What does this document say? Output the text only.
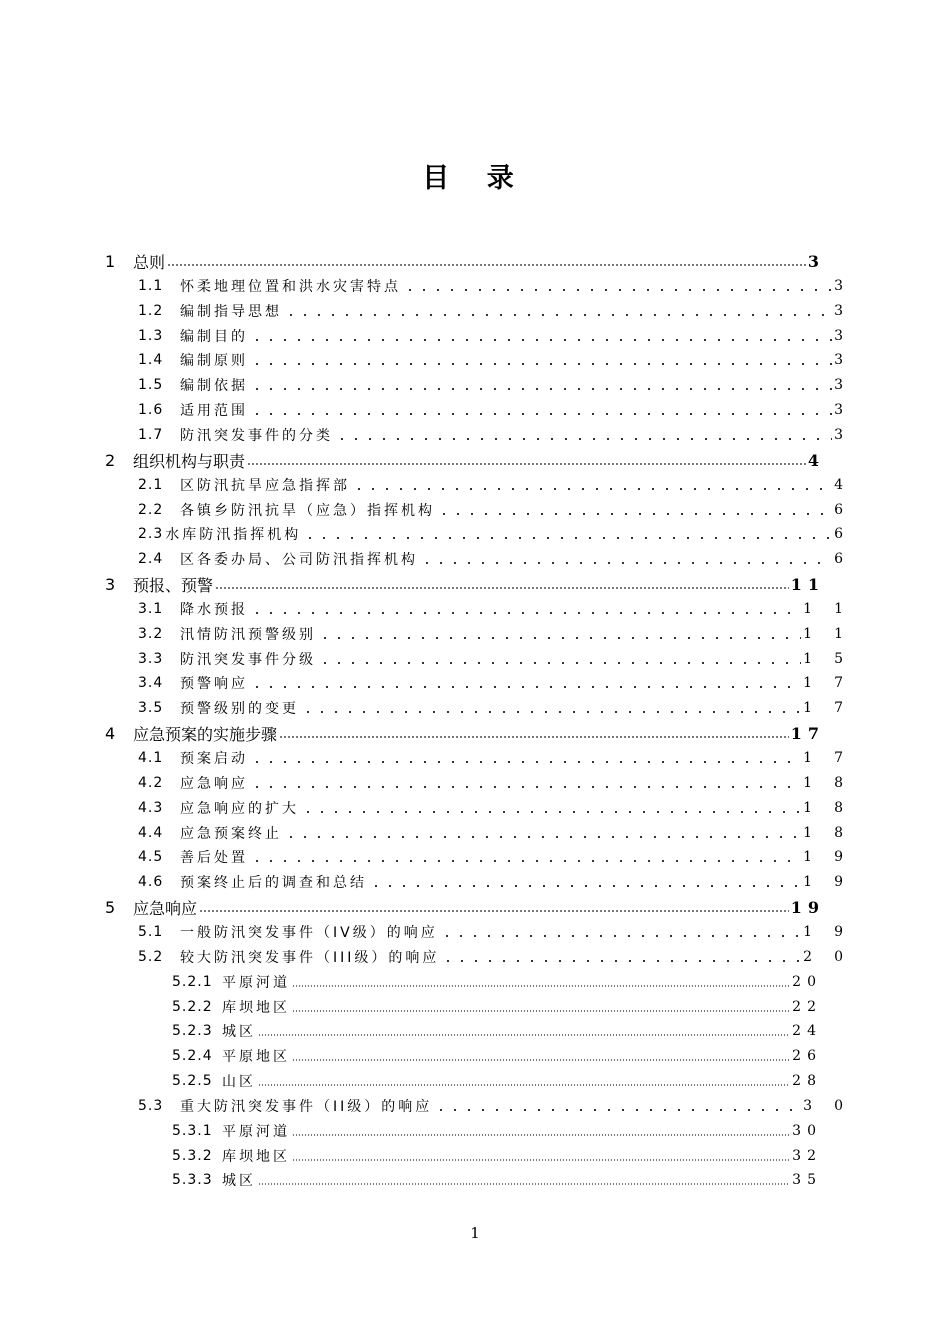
目 录
1	总则	3
1.1	怀柔地理位置和洪水灾害特点	3
1.2	编制指导思想	3
1.3	编制目的	3
1.4	编制原则	3
1.5	编制依据	3
1.6	适用范围	3
1.7	防汛突发事件的分类	3
2	组织机构与职责	4
2.1	区防汛抗旱应急指挥部	4
2.2	各镇乡防汛抗旱（应急）指挥机构	6
2.3 水库防汛指挥机构	6
2.4	区各委办局、公司防汛指挥机构	6
3	预报、预警	11
3.1	降水预报	11
3.2	汛情防汛预警级别	11
3.3	防汛突发事件分级	15
3.4	预警响应	17
3.5	预警级别的变更	17
4	应急预案的实施步骤	17
4.1	预案启动	17
4.2	应急响应	18
4.3	应急响应的扩大	18
4.4	应急预案终止	18
4.5	善后处置	19
4.6	预案终止后的调查和总结	19
5	应急响应	19
5.1	一般防汛突发事件（IV级）的响应	19
5.2	较大防汛突发事件（III级）的响应	20
5.2.1 平原河道	20
5.2.2 库坝地区	22
5.2.3 城区	24
5.2.4 平原地区	26
5.2.5 山区	28
5.3	重大防汛突发事件（II级）的响应	30
5.3.1 平原河道	30
5.3.2 库坝地区	32
5.3.3 城区	35
1
